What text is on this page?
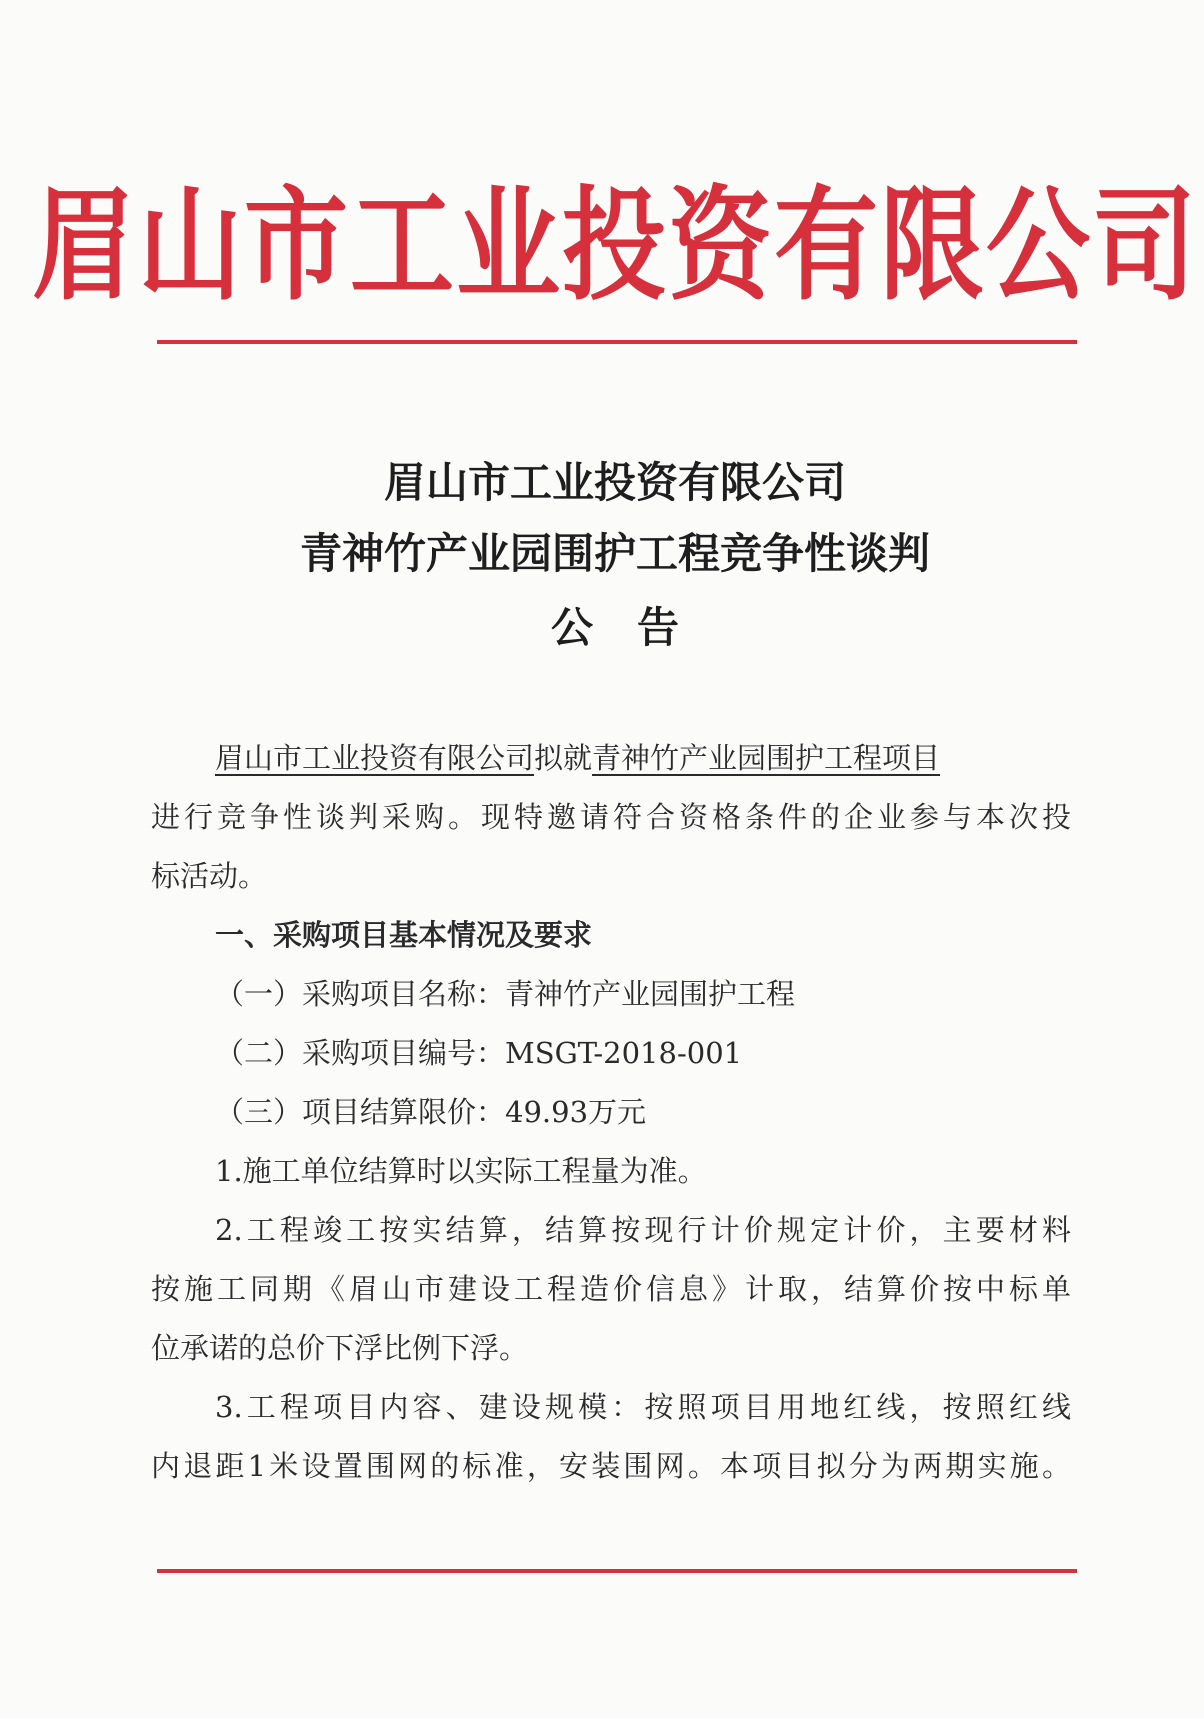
眉山市工业投资有限公司
眉山市工业投资有限公司
青神竹产业园围护工程竞争性谈判
公告
眉山市工业投资有限公司拟就青神竹产业园围护工程项目
进行竞争性谈判采购。现特邀请符合资格条件的企业参与本次投
标活动。
一、采购项目基本情况及要求
（一）采购项目名称：青神竹产业园围护工程
（二）采购项目编号：MSGT-2018-001
（三）项目结算限价：49.93万元
1.施工单位结算时以实际工程量为准。
2.工程竣工按实结算，结算按现行计价规定计价，主要材料
按施工同期《眉山市建设工程造价信息》计取，结算价按中标单
位承诺的总价下浮比例下浮。
3.工程项目内容、建设规模：按照项目用地红线，按照红线
内退距1米设置围网的标准，安装围网。本项目拟分为两期实施。
